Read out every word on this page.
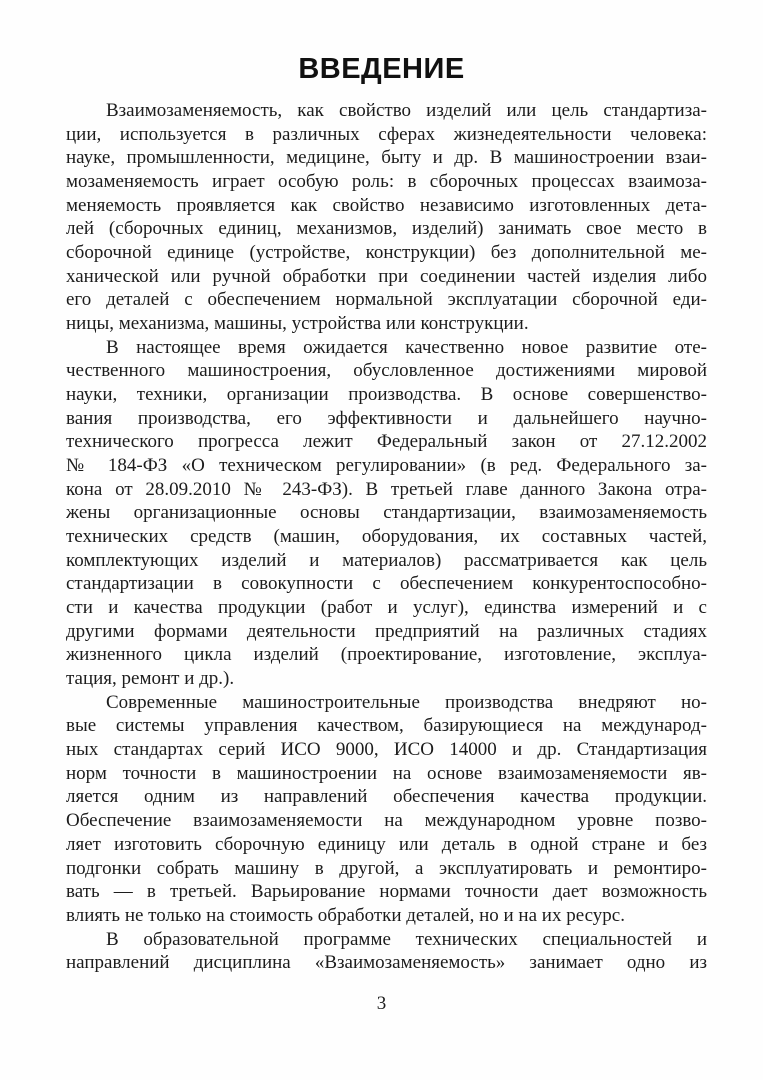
ВВЕДЕНИЕ
Взаимозаменяемость, как свойство изделий или цель стандартиза-
ции, используется в различных сферах жизнедеятельности человека:
науке, промышленности, медицине, быту и др. В машиностроении взаи-
мозаменяемость играет особую роль: в сборочных процессах взаимоза-
меняемость проявляется как свойство независимо изготовленных дета-
лей (сборочных единиц, механизмов, изделий) занимать свое место в
сборочной единице (устройстве, конструкции) без дополнительной ме-
ханической или ручной обработки при соединении частей изделия либо
его деталей с обеспечением нормальной эксплуатации сборочной еди-
ницы, механизма, машины, устройства или конструкции.
В настоящее время ожидается качественно новое развитие оте-
чественного машиностроения, обусловленное достижениями мировой
науки, техники, организации производства. В основе совершенство-
вания производства, его эффективности и дальнейшего научно-
технического прогресса лежит Федеральный закон от 27.12.2002
№ 184-ФЗ «О техническом регулировании» (в ред. Федерального за-
кона от 28.09.2010 № 243-ФЗ). В третьей главе данного Закона отра-
жены организационные основы стандартизации, взаимозаменяемость
технических средств (машин, оборудования, их составных частей,
комплектующих изделий и материалов) рассматривается как цель
стандартизации в совокупности с обеспечением конкурентоспособно-
сти и качества продукции (работ и услуг), единства измерений и с
другими формами деятельности предприятий на различных стадиях
жизненного цикла изделий (проектирование, изготовление, эксплуа-
тация, ремонт и др.).
Современные машиностроительные производства внедряют но-
вые системы управления качеством, базирующиеся на международ-
ных стандартах серий ИСО 9000, ИСО 14000 и др. Стандартизация
норм точности в машиностроении на основе взаимозаменяемости яв-
ляется одним из направлений обеспечения качества продукции.
Обеспечение взаимозаменяемости на международном уровне позво-
ляет изготовить сборочную единицу или деталь в одной стране и без
подгонки собрать машину в другой, а эксплуатировать и ремонтиро-
вать — в третьей. Варьирование нормами точности дает возможность
влиять не только на стоимость обработки деталей, но и на их ресурс.
В образовательной программе технических специальностей и
направлений дисциплина «Взаимозаменяемость» занимает одно из
3
